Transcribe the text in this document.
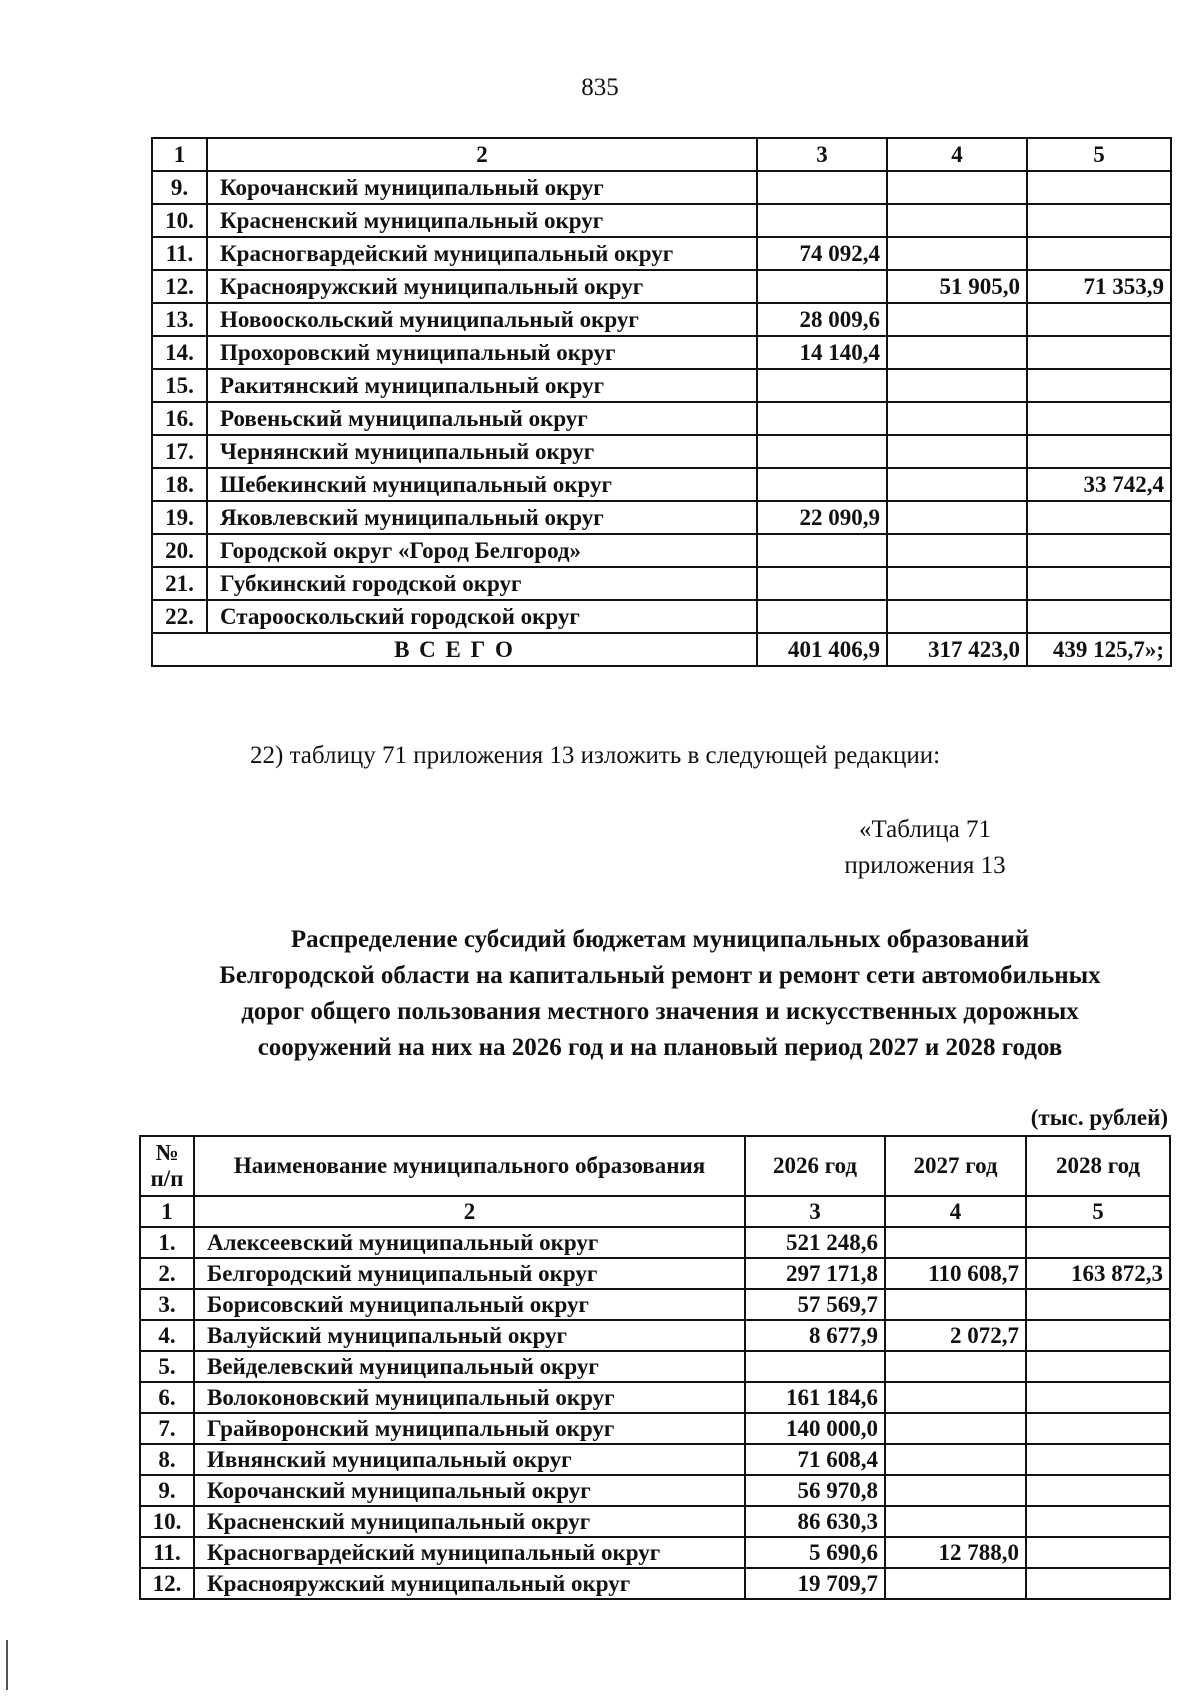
835
1	2	3	4	5
9.	Корочанский муниципальный округ			
10.	Красненский муниципальный округ			
11.	Красногвардейский муниципальный округ	74 092,4		
12.	Краснояружский муниципальный округ		51 905,0	71 353,9
13.	Новооскольский муниципальный округ	28 009,6		
14.	Прохоровский муниципальный округ	14 140,4		
15.	Ракитянский муниципальный округ			
16.	Ровеньский муниципальный округ			
17.	Чернянский муниципальный округ			
18.	Шебекинский муниципальный округ			33 742,4
19.	Яковлевский муниципальный округ	22 090,9		
20.	Городской округ «Город Белгород»			
21.	Губкинский городской округ			
22.	Старооскольский городской округ			
В С Е Г О		401 406,9	317 423,0	439 125,7»;
22) таблицу 71 приложения 13 изложить в следующей редакции:
«Таблица 71
приложения 13
Распределение субсидий бюджетам муниципальных образований
Белгородской области на капитальный ремонт и ремонт сети автомобильных
дорог общего пользования местного значения и искусственных дорожных
сооружений на них на 2026 год и на плановый период 2027 и 2028 годов
(тыс. рублей)
№
п/п	Наименование муниципального образования	2026 год	2027 год	2028 год
1	2	3	4	5
1.	Алексеевский муниципальный округ	521 248,6		
2.	Белгородский муниципальный округ	297 171,8	110 608,7	163 872,3
3.	Борисовский муниципальный округ	57 569,7		
4.	Валуйский муниципальный округ	8 677,9	2 072,7	
5.	Вейделевский муниципальный округ			
6.	Волоконовский муниципальный округ	161 184,6		
7.	Грайворонский муниципальный округ	140 000,0		
8.	Ивнянский муниципальный округ	71 608,4		
9.	Корочанский муниципальный округ	56 970,8		
10.	Красненский муниципальный округ	86 630,3		
11.	Красногвардейский муниципальный округ	5 690,6	12 788,0	
12.	Краснояружский муниципальный округ	19 709,7		
